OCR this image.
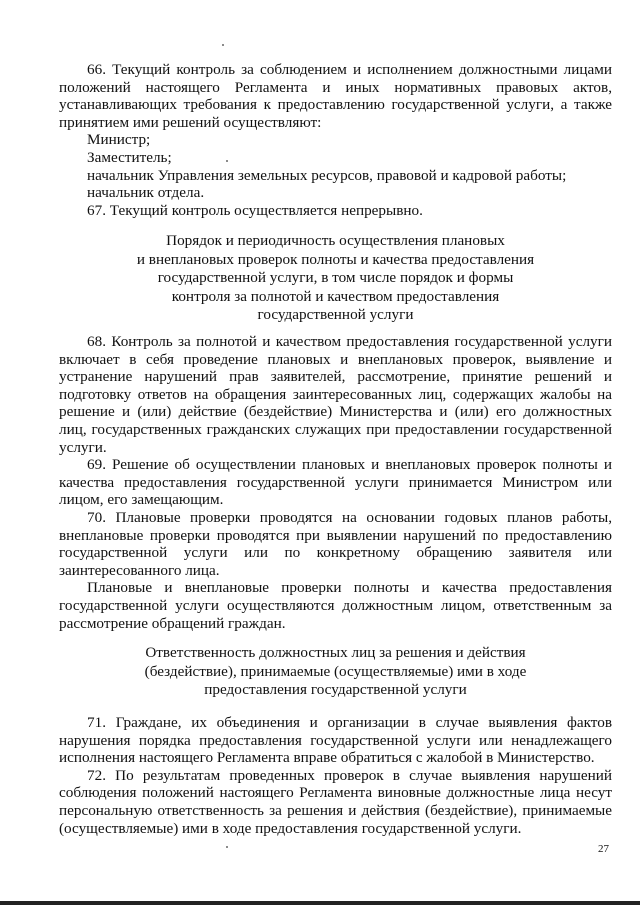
66. Текущий контроль за соблюдением и исполнением должностными лицами положений настоящего Регламента и иных нормативных правовых актов, устанавливающих требования к предоставлению государственной услуги, а также принятием ими решений осуществляют:

Министр;

Заместитель;

начальник Управления земельных ресурсов, правовой и кадровой работы;

начальник отдела.

67. Текущий контроль осуществляется непрерывно.

Порядок и периодичность осуществления плановых
и внеплановых проверок полноты и качества предоставления
государственной услуги, в том числе порядок и формы
контроля за полнотой и качеством предоставления
государственной услуги

68. Контроль за полнотой и качеством предоставления государственной услуги включает в себя проведение плановых и внеплановых проверок, выявление и устранение нарушений прав заявителей, рассмотрение, принятие решений и подготовку ответов на обращения заинтересованных лиц, содержащих жалобы на решение и (или) действие (бездействие) Министерства и (или) его должностных лиц, государственных гражданских служащих при предоставлении государственной услуги.

69. Решение об осуществлении плановых и внеплановых проверок полноты и качества предоставления государственной услуги принимается Министром или лицом, его замещающим.

70. Плановые проверки проводятся на основании годовых планов работы, внеплановые проверки проводятся при выявлении нарушений по предоставлению государственной услуги или по конкретному обращению заявителя или заинтересованного лица.

Плановые и внеплановые проверки полноты и качества предоставления государственной услуги осуществляются должностным лицом, ответственным за рассмотрение обращений граждан.

Ответственность должностных лиц за решения и действия
(бездействие), принимаемые (осуществляемые) ими в ходе
предоставления государственной услуги

71. Граждане, их объединения и организации в случае выявления фактов нарушения порядка предоставления государственной услуги или ненадлежащего исполнения настоящего Регламента вправе обратиться с жалобой в Министерство.

72. По результатам проведенных проверок в случае выявления нарушений соблюдения положений настоящего Регламента виновные должностные лица несут персональную ответственность за решения и действия (бездействие), принимаемые (осуществляемые) ими в ходе предоставления государственной услуги.

27
